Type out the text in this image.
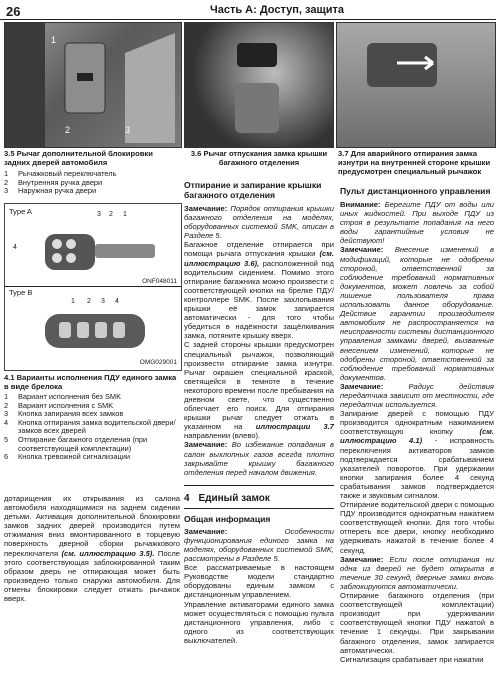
26	Часть А: Доступ, защита
1
2	3
3.5 Рычаг дополнительной блокировки задних дверей автомобиля
1	Рычажковый переключатель
2	Внутренняя ручка двери
3	Наружная ручка двери
Type A	3 2 1
4
ONF048011
Type B
1 2 3 4
OMG029001
4.1 Варианты исполнения ПДУ единого замка в виде брелока
1	Вариант исполнения без SMK
2	Вариант исполнения с SMK
3	Кнопка запирания всех замков
4	Кнопка отпирания замка водительской двери/замков всех дверей
5	Отпирание багажного отделения (при соответствующей комплектации)
6	Кнопка тревожной сигнализации
дотарищения их открывания из салона автомобиля находящимися на заднем сидении детьми. Активация дополнительной блокировки замков задних дверей производится путем отжимания вниз вмонтированного в торцевую поверхность дверной сборки рычажкового переключателя (см. иллюстрацию 3.5). После этого соответствующая заблокированной таким образом дверь не отпирающая может быть произведено только снаружи автомобиля. Для отмены блокировки следует отжать рычажок вверх.
3.6 Рычаг отпускания замка крышки багажного отделения
3.7 Для аварийного отпирания замка изнутри на внутренней стороне крышки предусмотрен специальный рычажок
Отпирание и запирание крышки багажного отделения
Замечание: Порядок отпирания крышки багажного отделения на моделях, оборудованных системой SMK, описан в Разделе 5.
Багажное отделение отпирается при помощи рычага отпускания крышки (см. иллюстрацию 3.6), расположенной под водительским сидением. Помимо этого отпирание багажника можно произвести с соответствующей кнопки на брелке ПДУ/контроллере SMK. После захлопывания крышки её замок запирается автоматически - для того чтобы убедиться в надёжности защёлкивания замка, потяните крышку вверх.
С задней стороны крышки предусмотрен специальный рычажок, позволяющий произвести отпирание замка изнутри. Рычаг окрашен специальной краской, светящейся в темноте в течение некоторого времени после пребывания на дневном свете, что существенно облегчает его поиск. Для отпирания крышки рычаг следует отжать в указанном на иллюстрации 3.7 направлении (влево).
Замечание: Во избежание попадания в салон выхлопных газов всегда плотно закрывайте крышку багажного отделения перед началом движения.
4 Единый замок
Общая информация
Замечание:	Особенности функционирования единого замка на моделях, оборудованных системой SMK, рассмотрены в Разделе 5.
Все рассматриваемые в настоящем Руководстве модели стандартно оборудованы единым замком с дистанционным управлением.
Управление активаторами единого замка может осуществляться с помощью пульта дистанционного управления, либо с одного из соответствующих выключателей.
Пульт дистанционного управления
Внимание: Берегите ПДУ от воды или иных жидкостей. При выходе ПДУ из строя в результате попадания на него воды гарантийные условия не действуют!
Замечание: Внесение изменений в модификаций, которые не одобрены стороной, ответственной за соблюдение требований нормативных документов, может повлечь за собой лишение пользователя права использовать данное оборудование. Действие гарантии производителя автомобиля не распространяется на неисправности системы дистанционного управления замками дверей, вызванные внесением изменений, которые не одобрены стороной, ответственной за соблюдение требований нормативных документов.
Замечание:	Радиус действия передатчика зависит от местности, где передатчик используется.
Запирание дверей с помощью ПДУ производится однократным нажиманием соответствующую кнопку	(см. иллюстрацию 4.1) - исправность переключения активаторов замков подтверждается срабатыванием указателей поворотов. При удержании кнопки запирания более 4 секунд срабатывания замков подтверждается также и звуковым сигналом.
Отпирание водительской двери с помощью ПДУ производится однократным нажатием соответствующей кнопки. Для того чтобы отпереть все двери, кнопку необходимо удерживать нажатой в течение более 4 секунд.
Замечание: Если после отпирания ни одна из дверей не будет открыта в течение 30 секунд, дверные замки вновь заблокируются автоматически.
Отпирание багажного отделения (при соответствующей комплектации) производит при удерживании соответствующей кнопки ПДУ нажатой в течение 1 секунды. При закрывании багажного отделения, замок запирается автоматически.
Сигнализация срабатывает при нажатии
